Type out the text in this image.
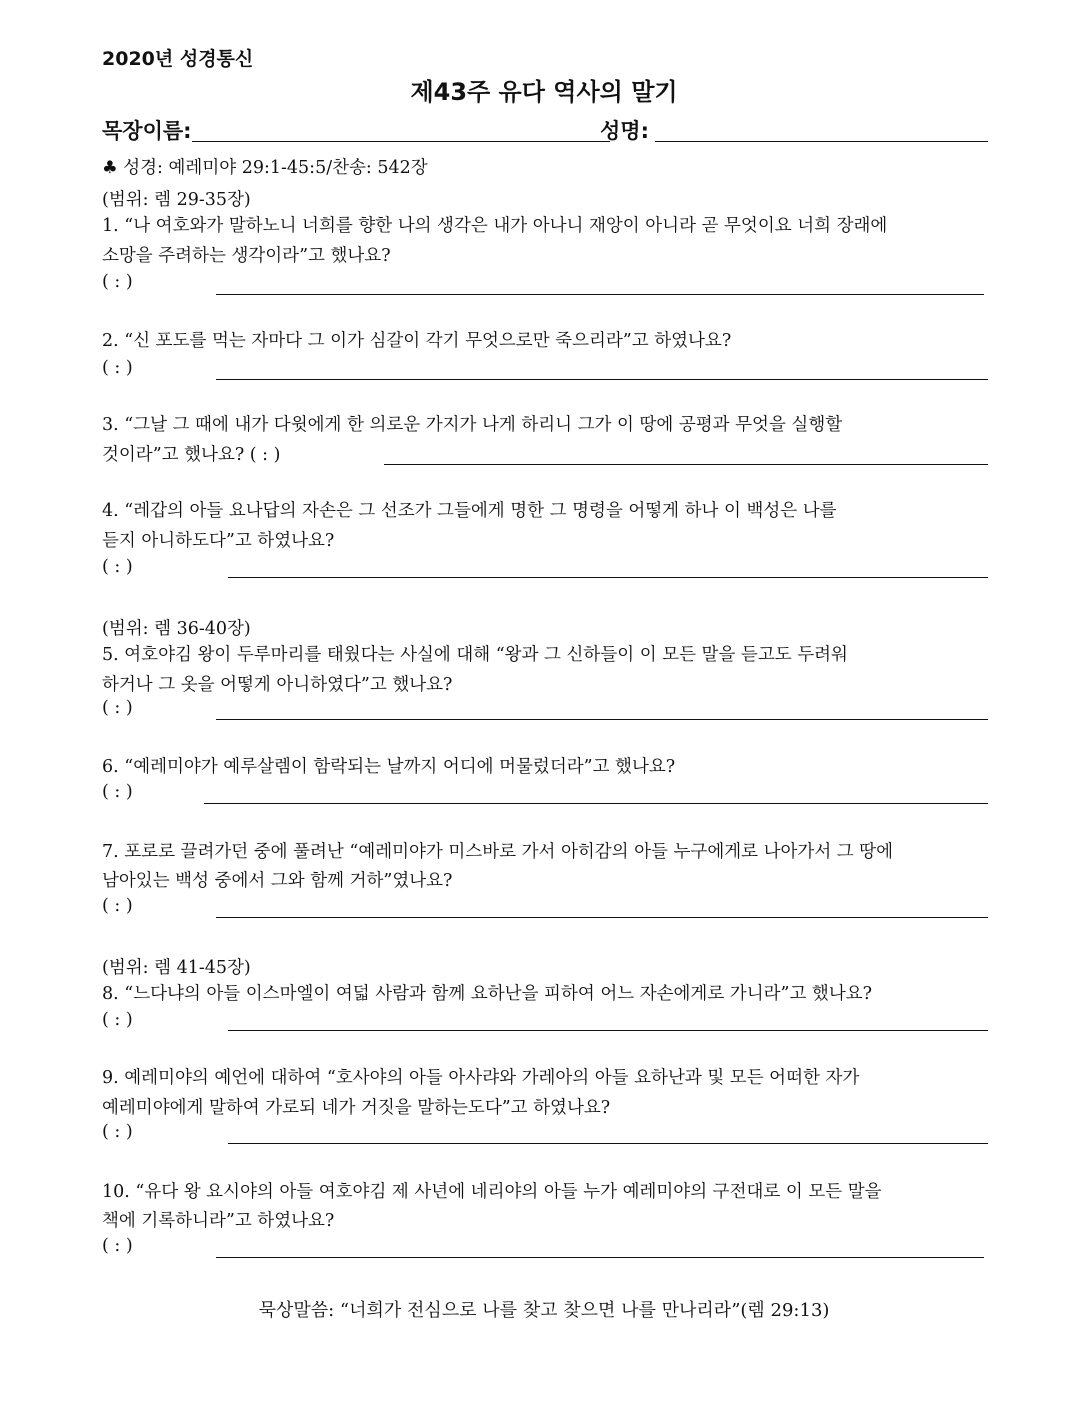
2020년 성경통신
제43주 유다 역사의 말기
목장이름:	성명:
♣ 성경: 예레미야 29:1-45:5/찬송: 542장
(범위: 렘 29-35장)
1. “나 여호와가 말하노니 너희를 향한 나의 생각은 내가 아나니 재앙이 아니라 곧 무엇이요 너희 장래에
소망을 주려하는 생각이라”고 했나요?
( : )
2. “신 포도를 먹는 자마다 그 이가 심갈이 각기 무엇으로만 죽으리라”고 하였나요?
( : )
3. “그날 그 때에 내가 다윗에게 한 의로운 가지가 나게 하리니 그가 이 땅에 공평과 무엇을 실행할
것이라”고 했나요? ( : )
4. “레갑의 아들 요나답의 자손은 그 선조가 그들에게 명한 그 명령을 어떻게 하나 이 백성은 나를
듣지 아니하도다”고 하였나요?
( : )
(범위: 렘 36-40장)
5. 여호야김 왕이 두루마리를 태웠다는 사실에 대해 “왕과 그 신하들이 이 모든 말을 듣고도 두려워
하거나 그 옷을 어떻게 아니하였다”고 했나요?
( : )
6. “예레미야가 예루살렘이 함락되는 날까지 어디에 머물렀더라”고 했나요?
( : )
7. 포로로 끌려가던 중에 풀려난 “예레미야가 미스바로 가서 아히감의 아들 누구에게로 나아가서 그 땅에
남아있는 백성 중에서 그와 함께 거하”였나요?
( : )
(범위: 렘 41-45장)
8. “느다냐의 아들 이스마엘이 여덟 사람과 함께 요하난을 피하여 어느 자손에게로 가니라”고 했나요?
( : )
9. 예레미야의 예언에 대하여 “호사야의 아들 아사랴와 가레아의 아들 요하난과 및 모든 어떠한 자가
예레미야에게 말하여 가로되 네가 거짓을 말하는도다”고 하였나요?
( : )
10. “유다 왕 요시야의 아들 여호야김 제 사년에 네리야의 아들 누가 예레미야의 구전대로 이 모든 말을
책에 기록하니라”고 하였나요?
( : )
묵상말씀: “너희가 전심으로 나를 찾고 찾으면 나를 만나리라”(렘 29:13)
